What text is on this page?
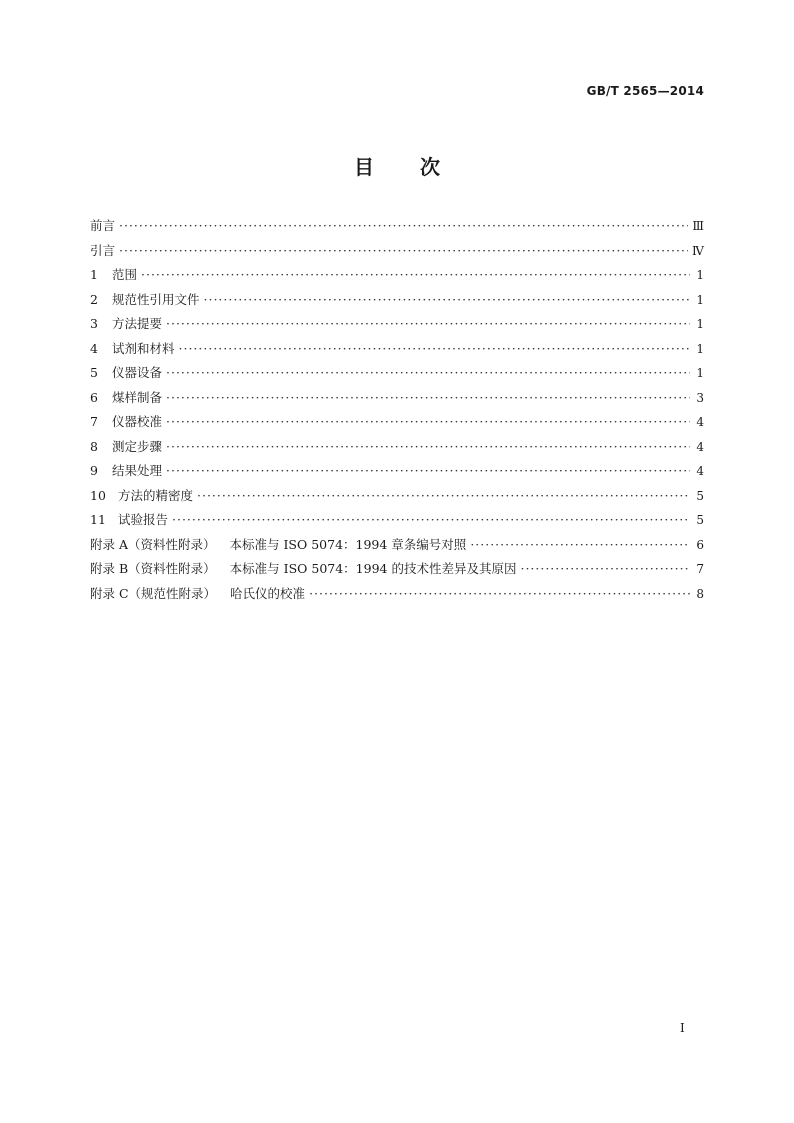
GB/T 2565—2014
目 次
前言 ·····	Ⅲ
引言 ·····	Ⅳ
1 范围 ·····	1
2 规范性引用文件 ·····	1
3 方法提要 ·····	1
4 试剂和材料 ·····	1
5 仪器设备 ·····	1
6 煤样制备 ·····	3
7 仪器校准 ·····	4
8 测定步骤 ·····	4
9 结果处理 ·····	4
10 方法的精密度 ·····	5
11 试验报告 ·····	5
附录 A（资料性附录） 本标准与 ISO 5074：1994 章条编号对照 ·····	6
附录 B（资料性附录） 本标准与 ISO 5074：1994 的技术性差异及其原因 ·····	7
附录 C（规范性附录） 哈氏仪的校准 ·····	8
Ⅰ
